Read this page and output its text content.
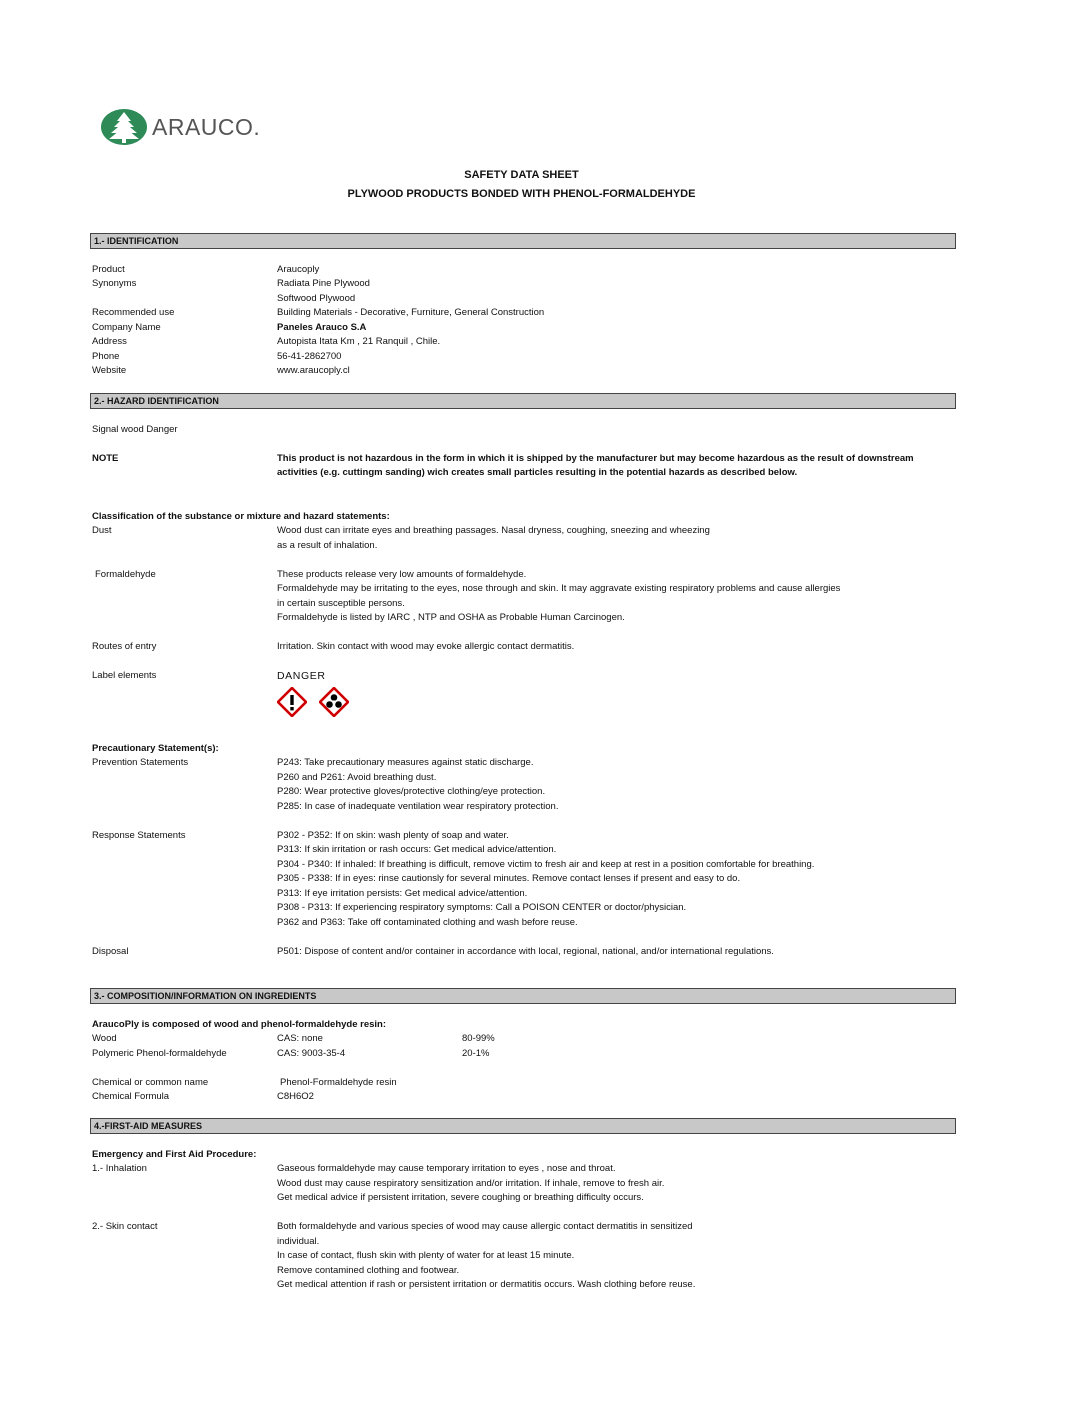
ARAUCO.
SAFETY DATA SHEET
PLYWOOD PRODUCTS BONDED WITH PHENOL-FORMALDEHYDE
1.- IDENTIFICATION
Product	Araucoply
Synonyms	Radiata Pine Plywood
Softwood Plywood
Recommended use	Building Materials - Decorative, Furniture, General Construction
Company Name	Paneles Arauco S.A
Address	Autopista Itata Km , 21 Ranquil , Chile.
Phone	56-41-2862700
Website	www.araucoply.cl
2.- HAZARD IDENTIFICATION
Signal wood Danger
NOTE	This product is not hazardous in the form in which it is shipped by the manufacturer but may become hazardous as the result of downstream
activities (e.g. cuttingm sanding) wich creates small particles resulting in the potential hazards as described below.
Classification of the substance or mixture and hazard statements:
Dust	Wood dust can irritate eyes and breathing passages. Nasal dryness, coughing, sneezing and wheezing
as a result of inhalation.
Formaldehyde	These products release very low amounts of formaldehyde.
Formaldehyde may be irritating to the eyes, nose through and skin. It may aggravate existing respiratory problems and cause allergies
in certain susceptible persons.
Formaldehyde is listed by IARC , NTP and OSHA as Probable Human Carcinogen.
Routes of entry	Irritation. Skin contact with wood may evoke allergic contact dermatitis.
Label elements	DANGER
Precautionary Statement(s):
Prevention Statements	P243: Take precautionary measures against static discharge.
P260 and P261: Avoid breathing dust.
P280: Wear protective gloves/protective clothing/eye protection.
P285: In case of inadequate ventilation wear respiratory protection.
Response Statements	P302 - P352: If on skin: wash plenty of soap and water.
P313: If skin irritation or rash occurs: Get medical advice/attention.
P304 - P340: If inhaled: If breathing is difficult, remove victim to fresh air and keep at rest in a position comfortable for breathing.
P305 - P338: If in eyes: rinse cautionsly for several minutes. Remove contact lenses if present and easy to do.
P313: If eye irritation persists: Get medical advice/attention.
P308 - P313: If experiencing respiratory symptoms: Call a POISON CENTER or doctor/physician.
P362 and P363: Take off contaminated clothing and wash before reuse.
Disposal	P501: Dispose of content and/or container in accordance with local, regional, national, and/or international regulations.
3.- COMPOSITION/INFORMATION ON INGREDIENTS
AraucoPly is composed of wood and phenol-formaldehyde resin:
Wood	CAS: none	80-99%
Polymeric Phenol-formaldehyde	CAS: 9003-35-4	20-1%
Chemical or common name	Phenol-Formaldehyde resin
Chemical Formula	C8H6O2
4.-FIRST-AID MEASURES
Emergency and First Aid Procedure:
1.- Inhalation	Gaseous formaldehyde may cause temporary irritation to eyes , nose and throat.
Wood dust may cause respiratory sensitization and/or irritation. If inhale, remove to fresh air.
Get medical advice if persistent irritation, severe coughing or breathing difficulty occurs.
2.- Skin contact	Both formaldehyde and various species of wood may cause allergic contact dermatitis in sensitized
individual.
In case of contact, flush skin with plenty of water for at least 15 minute.
Remove contamined clothing and footwear.
Get medical attention if rash or persistent irritation or dermatitis occurs. Wash clothing before reuse.
